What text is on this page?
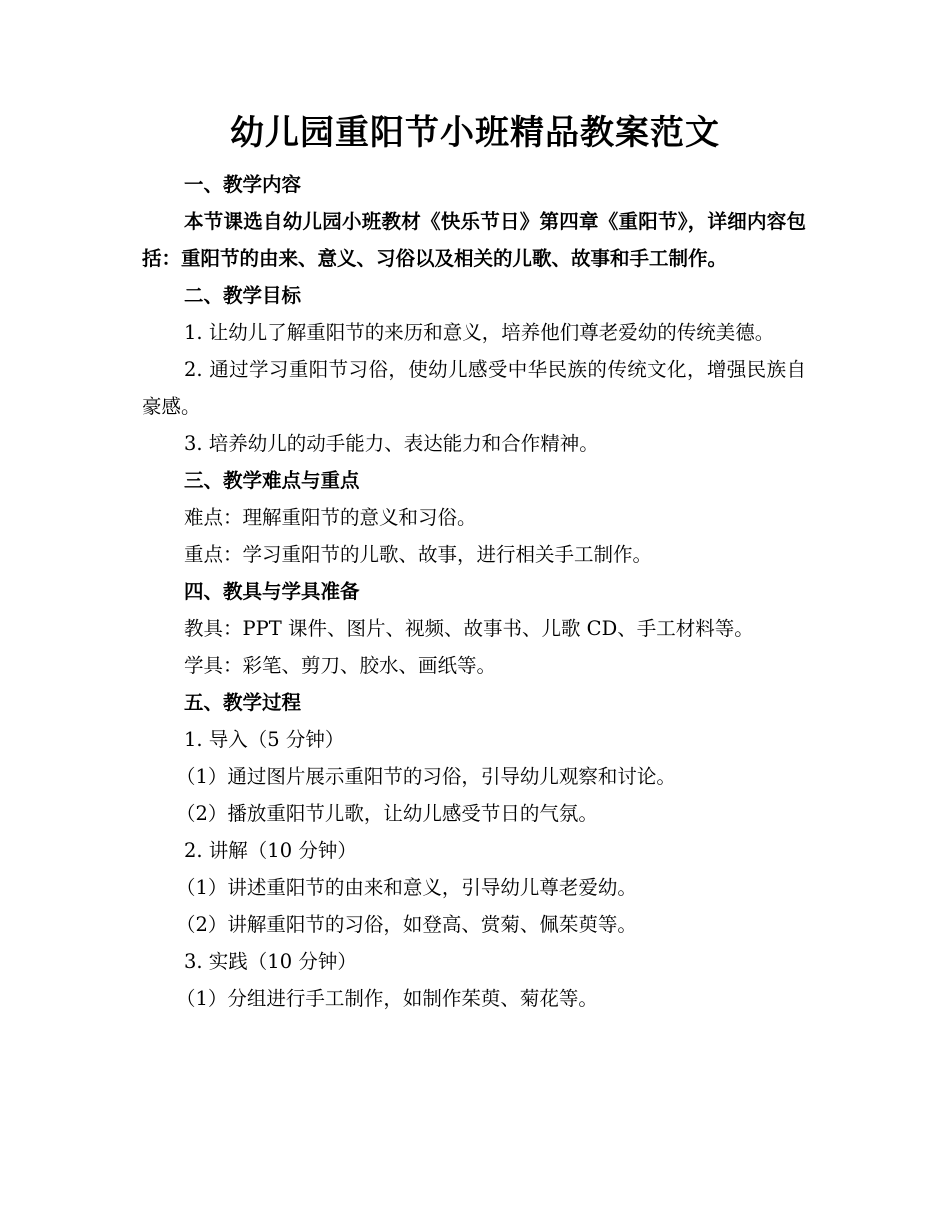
幼儿园重阳节小班精品教案范文

一、教学内容

本节课选自幼儿园小班教材《快乐节日》第四章《重阳节》，详细内容包括：重阳节的由来、意义、习俗以及相关的儿歌、故事和手工制作。

二、教学目标

1. 让幼儿了解重阳节的来历和意义，培养他们尊老爱幼的传统美德。

2. 通过学习重阳节习俗，使幼儿感受中华民族的传统文化，增强民族自豪感。

3. 培养幼儿的动手能力、表达能力和合作精神。

三、教学难点与重点

难点：理解重阳节的意义和习俗。

重点：学习重阳节的儿歌、故事，进行相关手工制作。

四、教具与学具准备

教具：PPT 课件、图片、视频、故事书、儿歌 CD、手工材料等。

学具：彩笔、剪刀、胶水、画纸等。

五、教学过程

1. 导入（5 分钟）

（1）通过图片展示重阳节的习俗，引导幼儿观察和讨论。

（2）播放重阳节儿歌，让幼儿感受节日的气氛。

2. 讲解（10 分钟）

（1）讲述重阳节的由来和意义，引导幼儿尊老爱幼。

（2）讲解重阳节的习俗，如登高、赏菊、佩茱萸等。

3. 实践（10 分钟）

（1）分组进行手工制作，如制作茱萸、菊花等。
